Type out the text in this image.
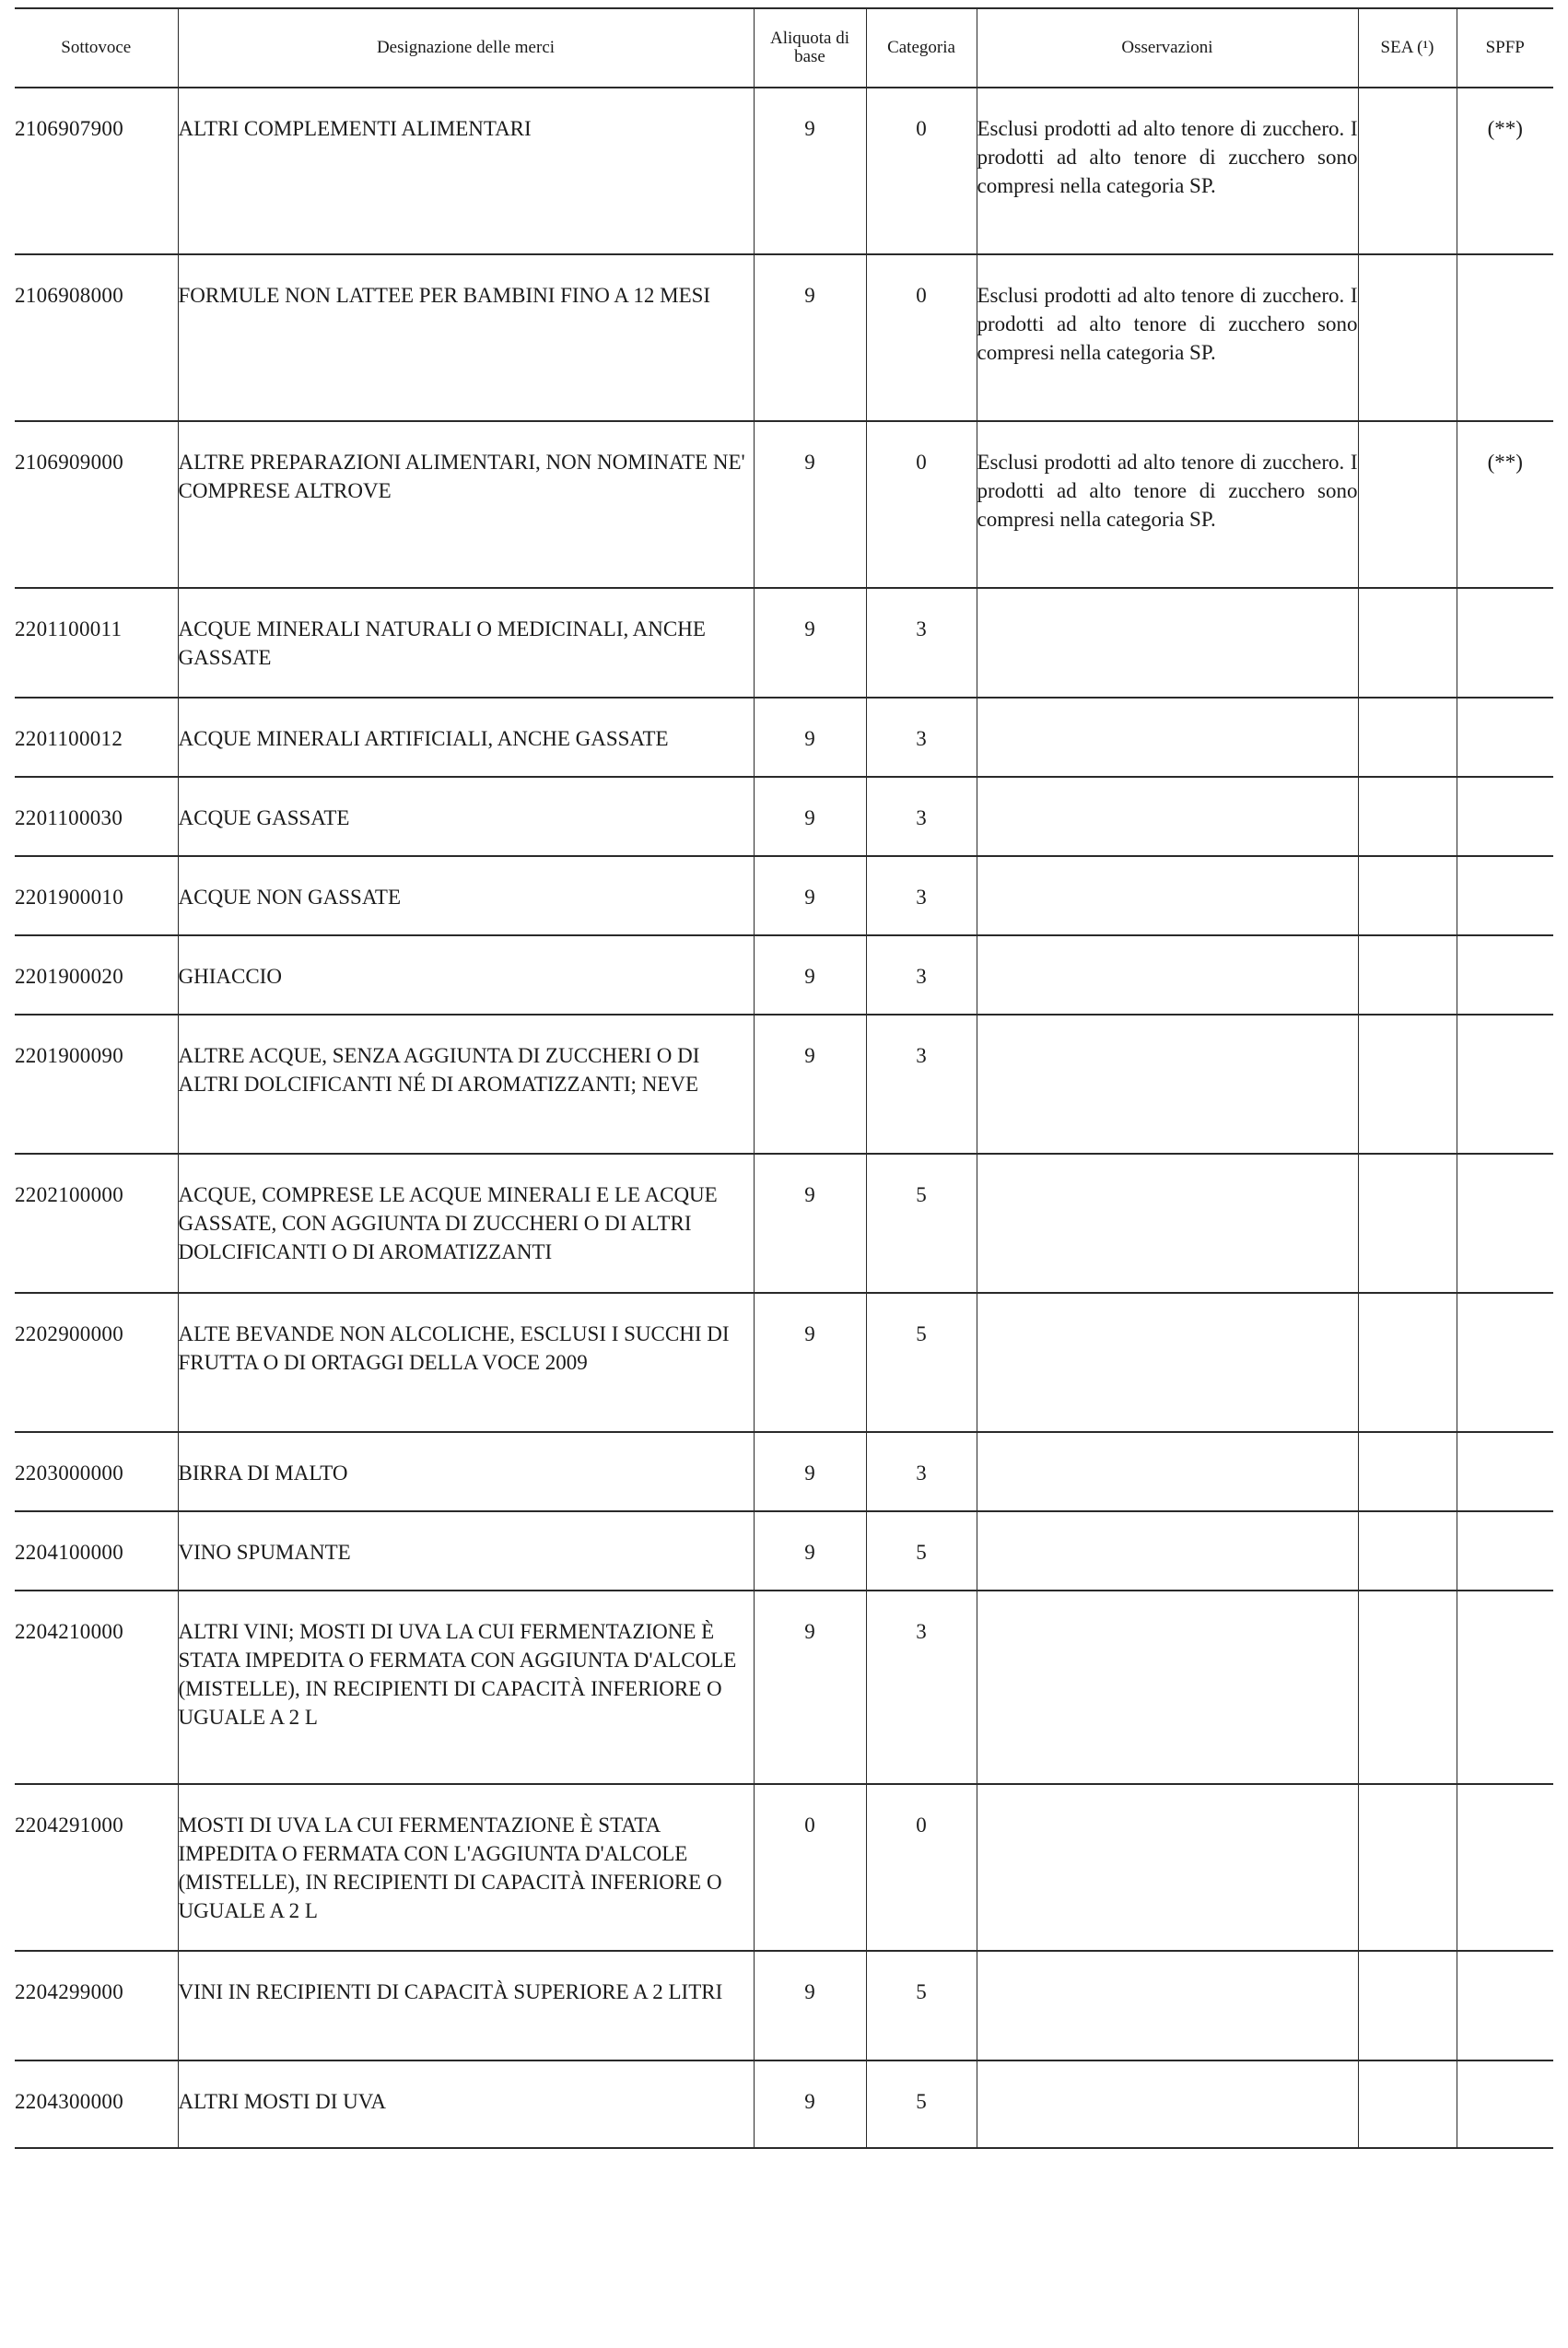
Sottovoce	Designazione delle merci	Aliquota di base	Categoria	Osservazioni	SEA (¹)	SPFP
2106907900	ALTRI COMPLEMENTI ALIMENTARI	9	0	Esclusi prodotti ad alto tenore di zucchero. I prodotti ad alto tenore di zucchero sono compresi nella categoria SP.		(**)
2106908000	FORMULE NON LATTEE PER BAMBINI FINO A 12 MESI	9	0	Esclusi prodotti ad alto tenore di zucchero. I prodotti ad alto tenore di zucchero sono compresi nella categoria SP.		
2106909000	ALTRE PREPARAZIONI ALIMENTARI, NON NOMINATE NE' COMPRESE ALTROVE	9	0	Esclusi prodotti ad alto tenore di zucchero. I prodotti ad alto tenore di zucchero sono compresi nella categoria SP.		(**)
2201100011	ACQUE MINERALI NATURALI O MEDICINALI, ANCHE GASSATE	9	3			
2201100012	ACQUE MINERALI ARTIFICIALI, ANCHE GASSATE	9	3			
2201100030	ACQUE GASSATE	9	3			
2201900010	ACQUE NON GASSATE	9	3			
2201900020	GHIACCIO	9	3			
2201900090	ALTRE ACQUE, SENZA AGGIUNTA DI ZUCCHERI O DI ALTRI DOLCIFICANTI NÉ DI AROMATIZZANTI; NEVE	9	3			
2202100000	ACQUE, COMPRESE LE ACQUE MINERALI E LE ACQUE GASSATE, CON AGGIUNTA DI ZUCCHERI O DI ALTRI DOLCIFICANTI O DI AROMATIZZANTI	9	5			
2202900000	ALTE BEVANDE NON ALCOLICHE, ESCLUSI I SUCCHI DI FRUTTA O DI ORTAGGI DELLA VOCE 2009	9	5			
2203000000	BIRRA DI MALTO	9	3			
2204100000	VINO SPUMANTE	9	5			
2204210000	ALTRI VINI; MOSTI DI UVA LA CUI FERMENTAZIONE È STATA IMPEDITA O FERMATA CON AGGIUNTA D'ALCOLE (MISTELLE), IN RECIPIENTI DI CAPACITÀ INFERIORE O UGUALE A 2 L	9	3			
2204291000	MOSTI DI UVA LA CUI FERMENTAZIONE È STATA IMPEDITA O FERMATA CON L'AGGIUNTA D'ALCOLE (MISTELLE), IN RECIPIENTI DI CAPACITÀ INFERIORE O UGUALE A 2 L	0	0			
2204299000	VINI IN RECIPIENTI DI CAPACITÀ SUPERIORE A 2 LITRI	9	5			
2204300000	ALTRI MOSTI DI UVA	9	5			
